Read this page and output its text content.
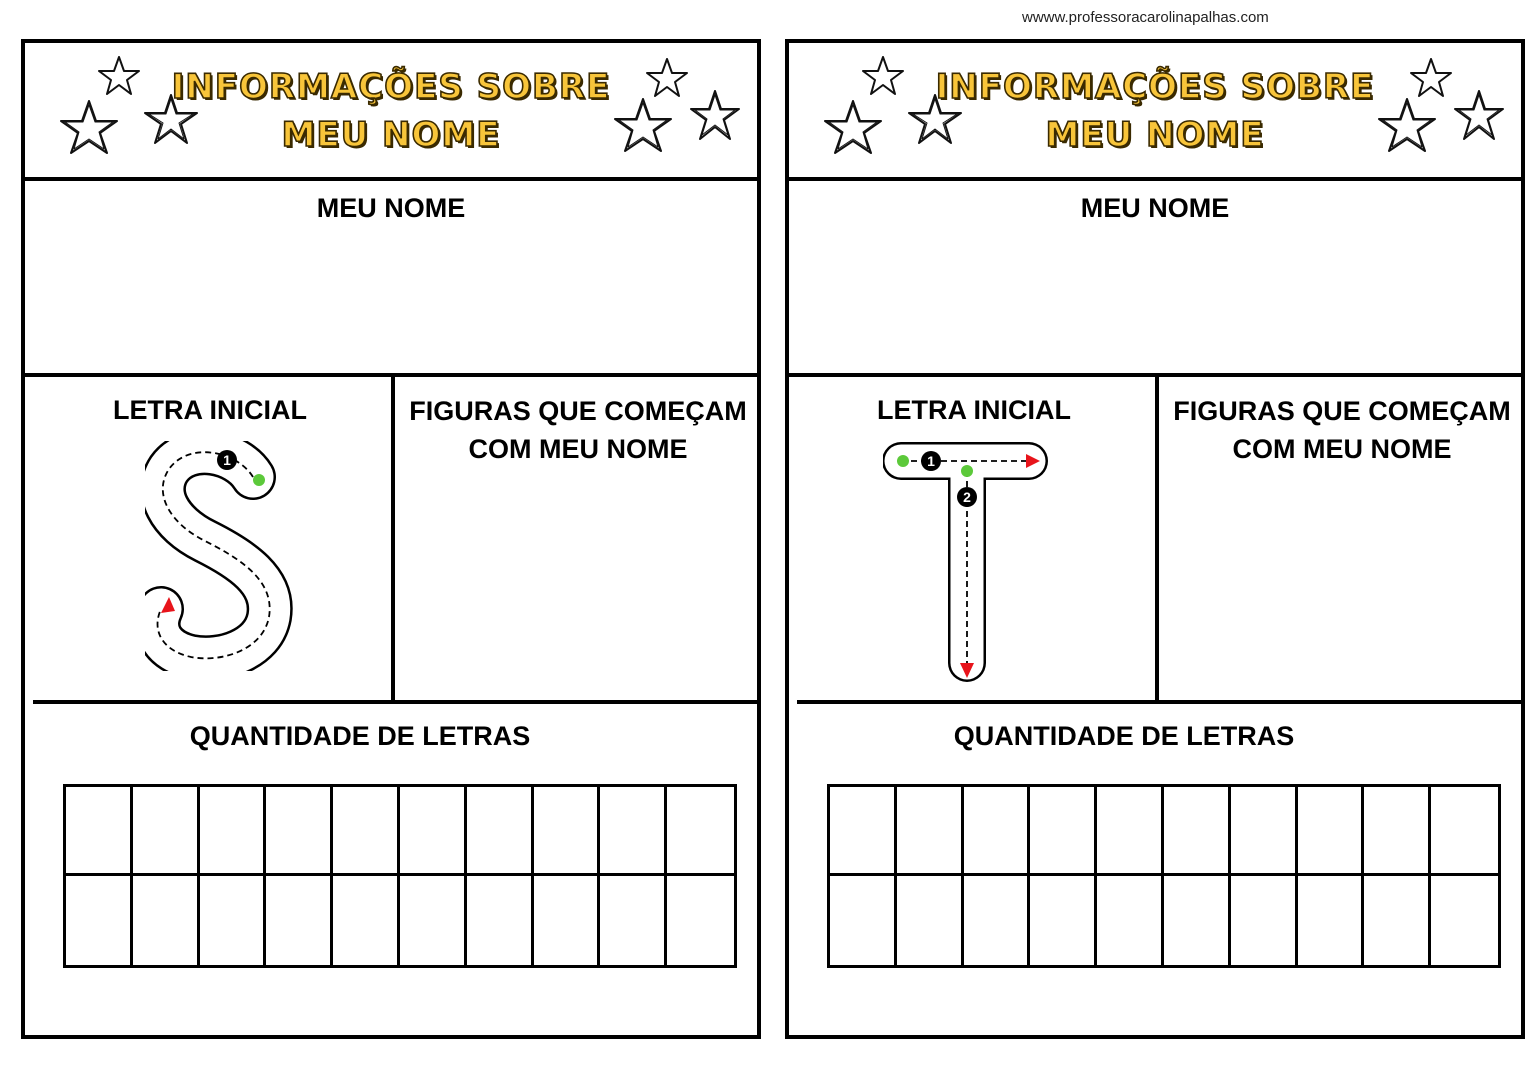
wwww.professoracarolinapalhas.com
INFORMAÇÕES SOBRE
MEU NOME
MEU NOME
LETRA INICIAL
1
FIGURAS QUE COMEÇAM
COM MEU NOME
QUANTIDADE DE LETRAS
INFORMAÇÕES SOBRE
MEU NOME
MEU NOME
LETRA INICIAL
1
2
FIGURAS QUE COMEÇAM
COM MEU NOME
QUANTIDADE DE LETRAS
